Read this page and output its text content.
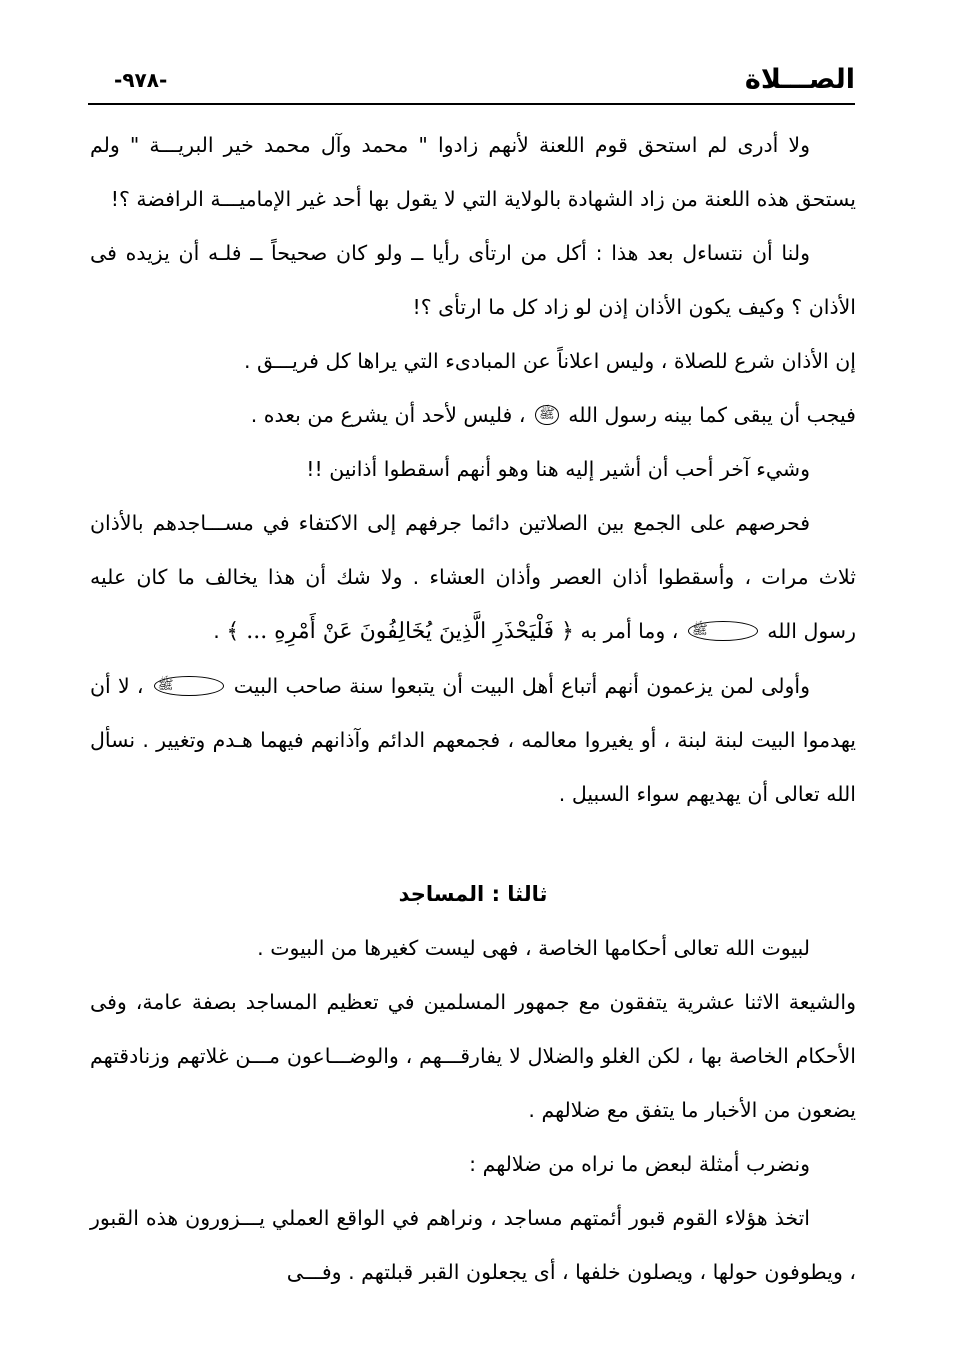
الصـــلاة
-٩٧٨-

ولا أدرى لم استحق قوم اللعنة لأنهم زادوا " محمد وآل محمد خير البريـــة " ولم يستحق هذه اللعنة من زاد الشهادة بالولاية التي لا يقول بها أحد غير الإماميـــة الرافضة ؟!

ولنا أن نتساءل بعد هذا : أكل من ارتأى رأيا ــ ولو كان صحيحاً ــ فلـه أن يزيده فى الأذان ؟ وكيف يكون الأذان إذن لو زاد كل ما ارتأى ؟!

إن الأذان شرع للصلاة ، وليس اعلاناً عن المبادىء التي يراها كل فريـــق .

فيجب أن يبقى كما بينه رسول الله ﷺ ، فليس لأحد أن يشرع من بعده .

وشيء آخر أحب أن أشير إليه هنا وهو أنهم أسقطوا أذانين !!

فحرصهم على الجمع بين الصلاتين دائما جرفهم إلى الاكتفاء في مســـاجدهم بالأذان ثلاث مرات ، وأسقطوا أذان العصر وأذان العشاء . ولا شك أن هذا يخالف ما كان عليه رسول الله ﷺ ، وما أمر به ﴿ فَلْيَحْذَرِ الَّذِينَ يُخَالِفُونَ عَنْ أَمْرِهِ ... ﴾ .

وأولى لمن يزعمون أنهم أتباع أهل البيت أن يتبعوا سنة صاحب البيت ﷺ ، لا أن يهدموا البيت لبنة لبنة ، أو يغيروا معالمه ، فجمعهم الدائم وآذانهم فيهما هـدم وتغيير . نسأل الله تعالى أن يهديهم سواء السبيل .

ثالثا : المساجد

لبيوت الله تعالى أحكامها الخاصة ، فهى ليست كغيرها من البيوت .

والشيعة الاثنا عشرية يتفقون مع جمهور المسلمين في تعظيم المساجد بصفة عامة، وفى الأحكام الخاصة بها ، لكن الغلو والضلال لا يفارقـــهم ، والوضـــاعون مـــن غلاتهم وزنادقتهم يضعون من الأخبار ما يتفق مع ضلالهم .

ونضرب أمثلة لبعض ما نراه من ضلالهم :

اتخذ هؤلاء القوم قبور أئمتهم مساجد ، ونراهم في الواقع العملي يـــزورون هذه القبور ، ويطوفون حولها ، ويصلون خلفها ، أى يجعلون القبر قبلتهم . وفـــى
